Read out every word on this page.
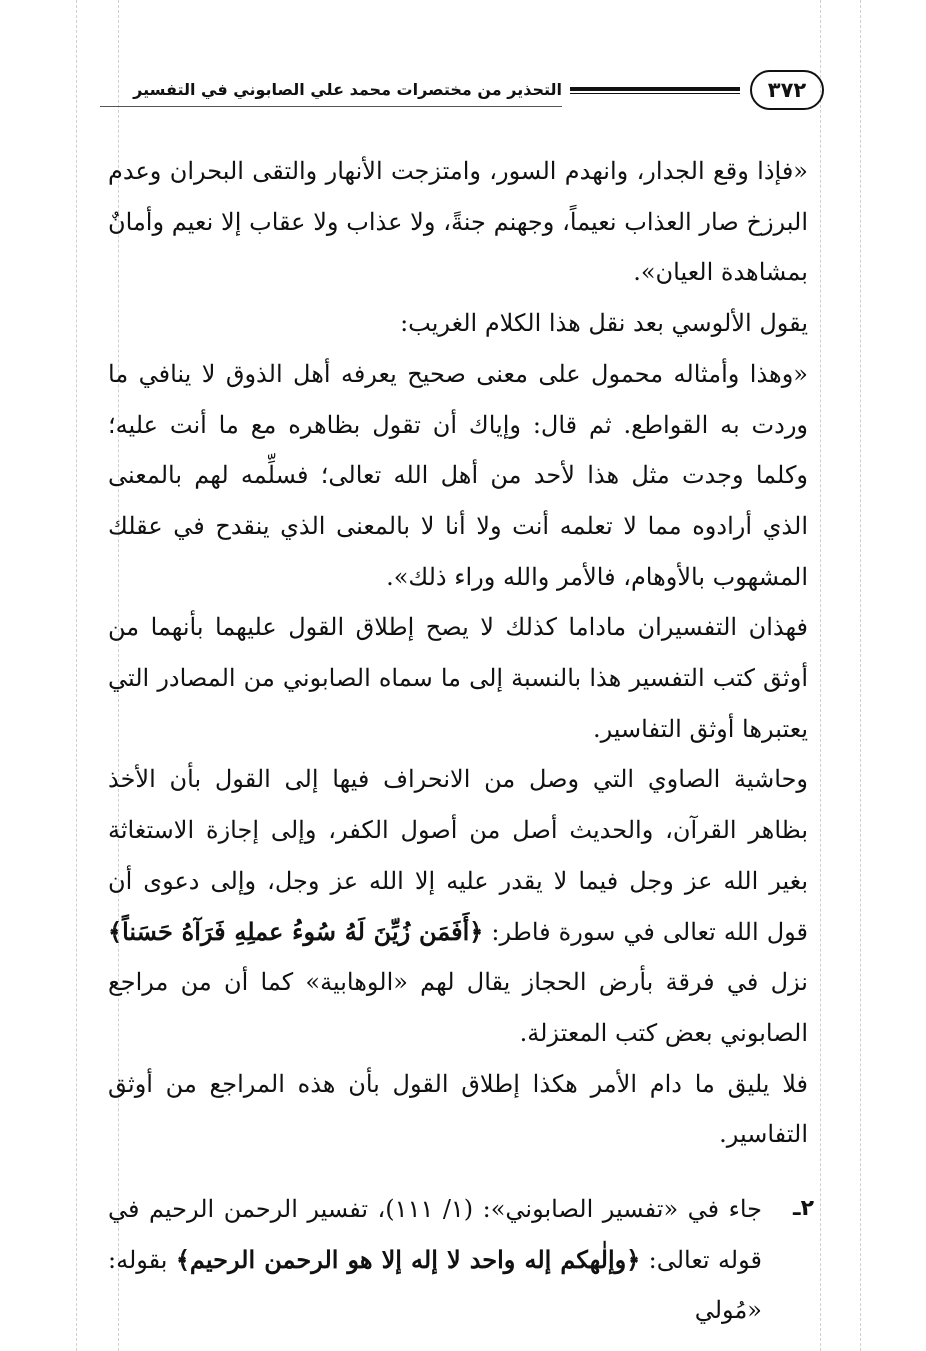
٣٧٢
التحذير من مختصرات محمد علي الصابوني في التفسير

«فإذا وقع الجدار، وانهدم السور، وامتزجت الأنهار والتقى البحران وعدم البرزخ صار العذاب نعيماً، وجهنم جنةً، ولا عذاب ولا عقاب إلا نعيم وأمانٌ بمشاهدة العيان».

يقول الألوسي بعد نقل هذا الكلام الغريب:

«وهذا وأمثاله محمول على معنى صحيح يعرفه أهل الذوق لا ينافي ما وردت به القواطع. ثم قال: وإياك أن تقول بظاهره مع ما أنت عليه؛ وكلما وجدت مثل هذا لأحد من أهل الله تعالى؛ فسلِّمه لهم بالمعنى الذي أرادوه مما لا تعلمه أنت ولا أنا لا بالمعنى الذي ينقدح في عقلك المشهوب بالأوهام، فالأمر والله وراء ذلك».

فهذان التفسيران ماداما كذلك لا يصح إطلاق القول عليهما بأنهما من أوثق كتب التفسير هذا بالنسبة إلى ما سماه الصابوني من المصادر التي يعتبرها أوثق التفاسير.

وحاشية الصاوي التي وصل من الانحراف فيها إلى القول بأن الأخذ بظاهر القرآن، والحديث أصل من أصول الكفر، وإلى إجازة الاستغاثة بغير الله عز وجل فيما لا يقدر عليه إلا الله عز وجل، وإلى دعوى أن قول الله تعالى في سورة فاطر: ﴿أَفَمَن زُيِّنَ لَهُ سُوءُ عملِهِ فَرَآهُ حَسَناً﴾ نزل في فرقة بأرض الحجاز يقال لهم «الوهابية» كما أن من مراجع الصابوني بعض كتب المعتزلة.

فلا يليق ما دام الأمر هكذا إطلاق القول بأن هذه المراجع من أوثق التفاسير.

٢ـ

جاء في «تفسير الصابوني»: (١/ ١١١)، تفسير الرحمن الرحيم في قوله تعالى: ﴿وإلٰهكم إله واحد لا إله إلا هو الرحمن الرحيم﴾ بقوله: «مُولي
